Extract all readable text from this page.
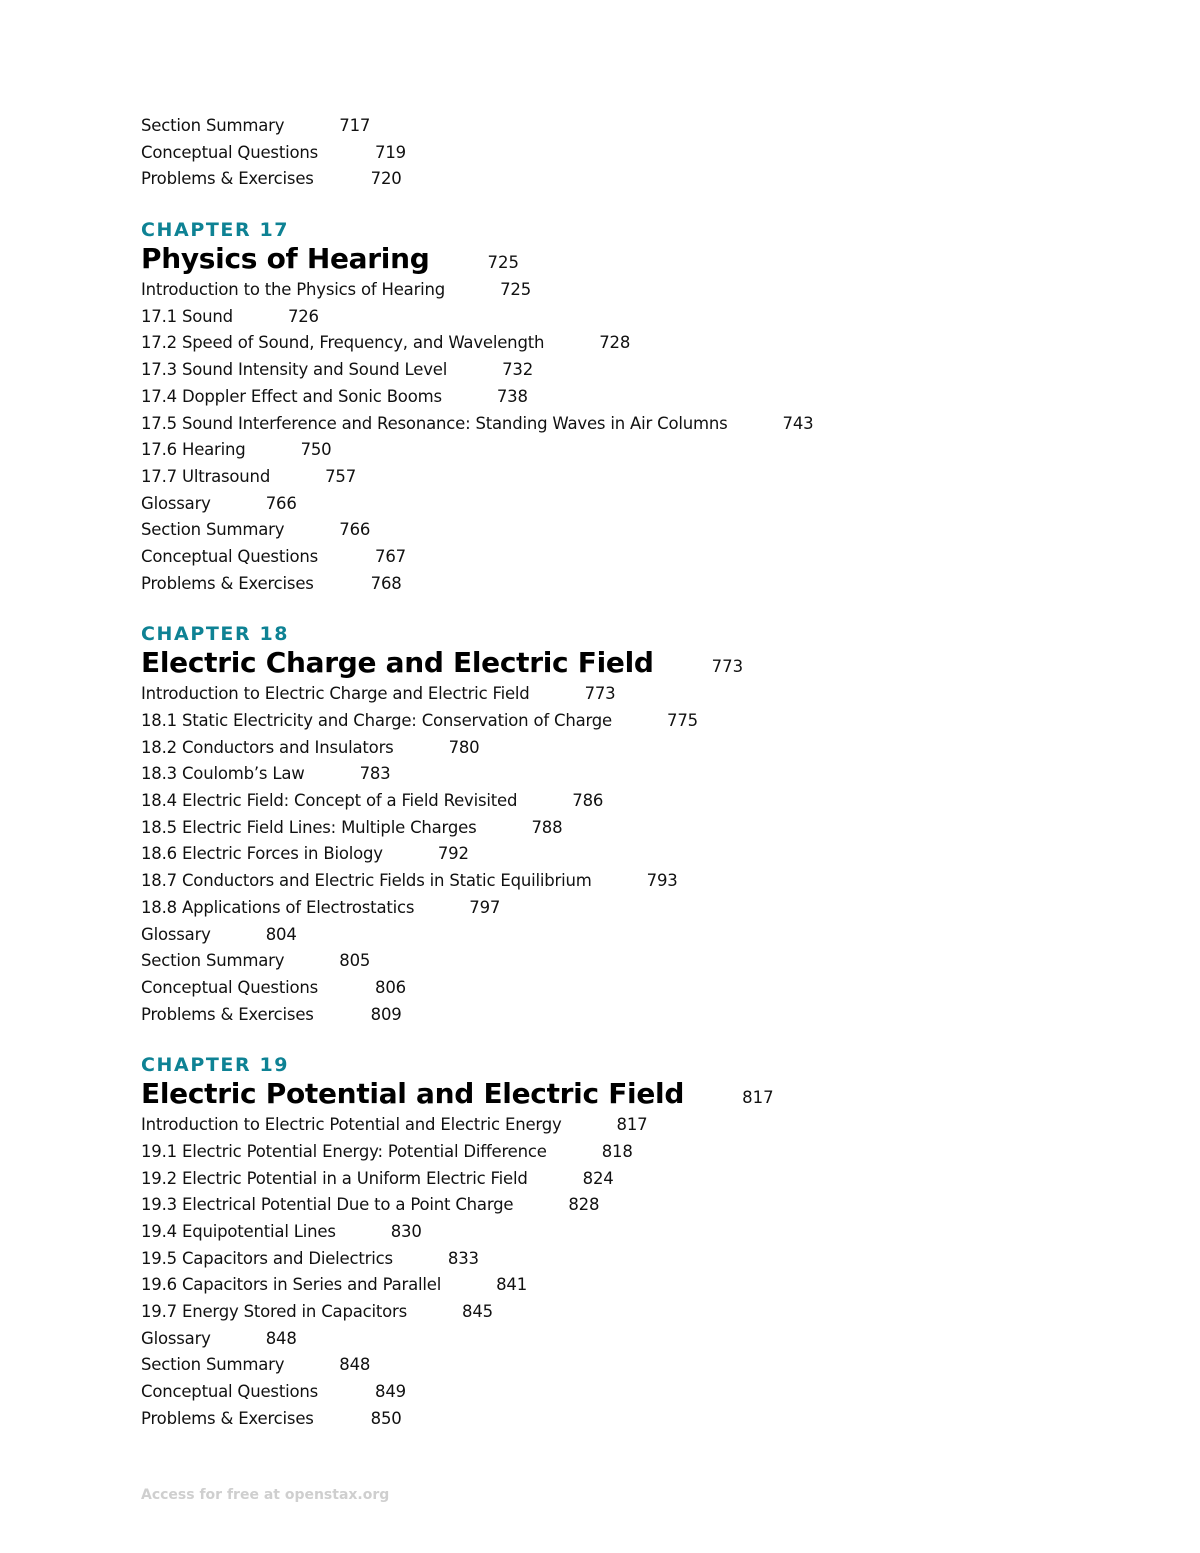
Section Summary	717
Conceptual Questions	719
Problems & Exercises	720
CHAPTER 17
Physics of Hearing	725
Introduction to the Physics of Hearing	725
17.1 Sound	726
17.2 Speed of Sound, Frequency, and Wavelength	728
17.3 Sound Intensity and Sound Level	732
17.4 Doppler Effect and Sonic Booms	738
17.5 Sound Interference and Resonance: Standing Waves in Air Columns	743
17.6 Hearing	750
17.7 Ultrasound	757
Glossary	766
Section Summary	766
Conceptual Questions	767
Problems & Exercises	768
CHAPTER 18
Electric Charge and Electric Field	773
Introduction to Electric Charge and Electric Field	773
18.1 Static Electricity and Charge: Conservation of Charge	775
18.2 Conductors and Insulators	780
18.3 Coulomb’s Law	783
18.4 Electric Field: Concept of a Field Revisited	786
18.5 Electric Field Lines: Multiple Charges	788
18.6 Electric Forces in Biology	792
18.7 Conductors and Electric Fields in Static Equilibrium	793
18.8 Applications of Electrostatics	797
Glossary	804
Section Summary	805
Conceptual Questions	806
Problems & Exercises	809
CHAPTER 19
Electric Potential and Electric Field	817
Introduction to Electric Potential and Electric Energy	817
19.1 Electric Potential Energy: Potential Difference	818
19.2 Electric Potential in a Uniform Electric Field	824
19.3 Electrical Potential Due to a Point Charge	828
19.4 Equipotential Lines	830
19.5 Capacitors and Dielectrics	833
19.6 Capacitors in Series and Parallel	841
19.7 Energy Stored in Capacitors	845
Glossary	848
Section Summary	848
Conceptual Questions	849
Problems & Exercises	850
Access for free at openstax.org
